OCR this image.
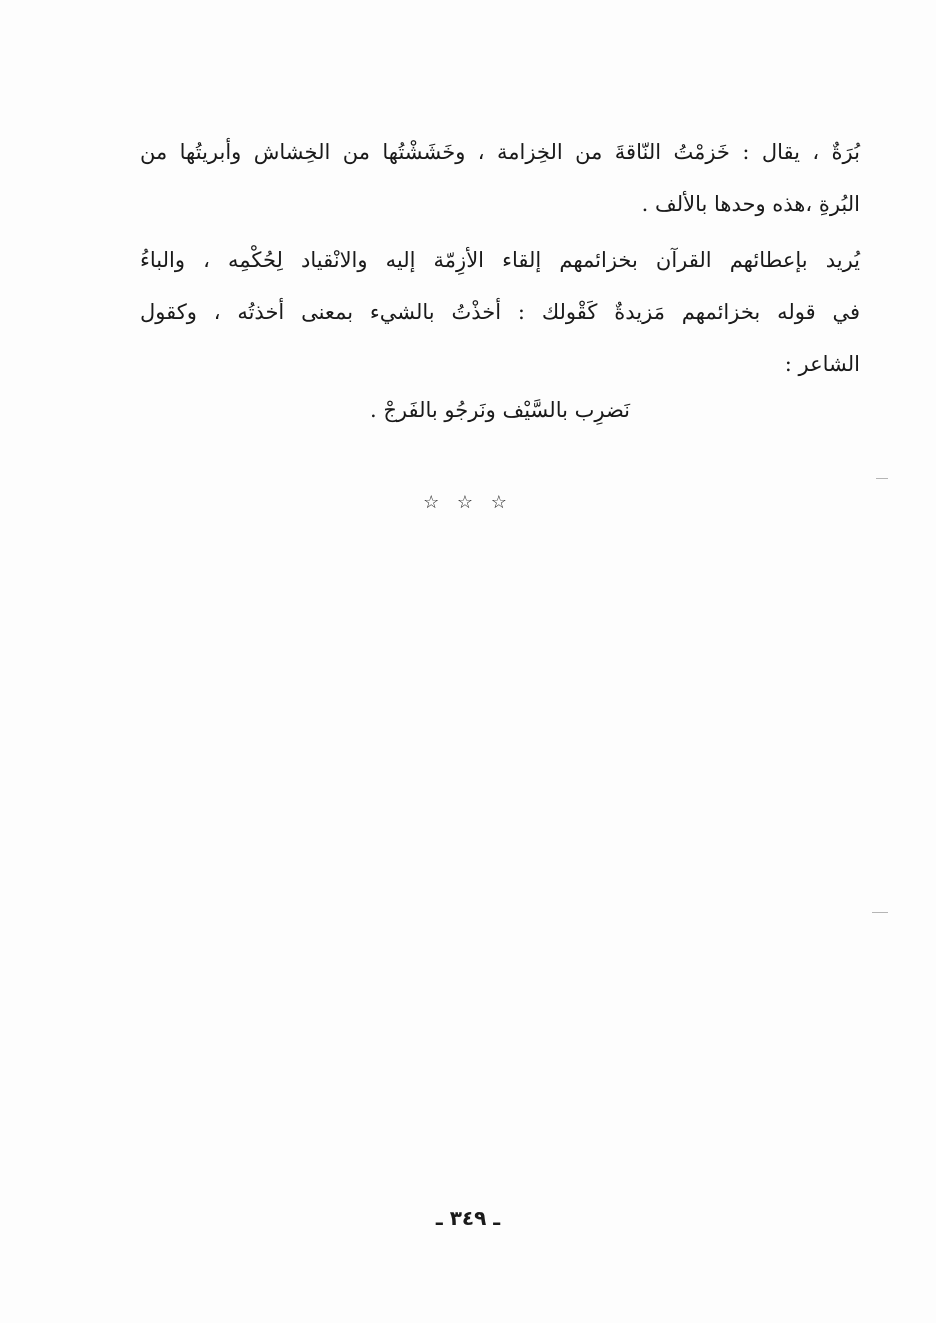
بُرَةٌ ، يقال : خَزمْتُ النّاقةَ من الخِزامة ، وخَشَشْتُها من الخِشاش وأبريتُها من
البُرةِ ،هذه وحدها بالألف .
يُريد بإعطائهم القرآن بخزائمهم إلقاء الأزِمّة إليه والانْقياد لِحُكْمِه ، والباءُ
في قوله بخزائمهم مَزيدةٌ كَقْولك : أخذْتُ بالشيء بمعنى أخذتُه ، وكقول
الشاعر :
نَضرِب بالسَّيْف ونَرجُو بالفَرجْ .
☆ ☆ ☆
ـ ٣٤٩ ـ
